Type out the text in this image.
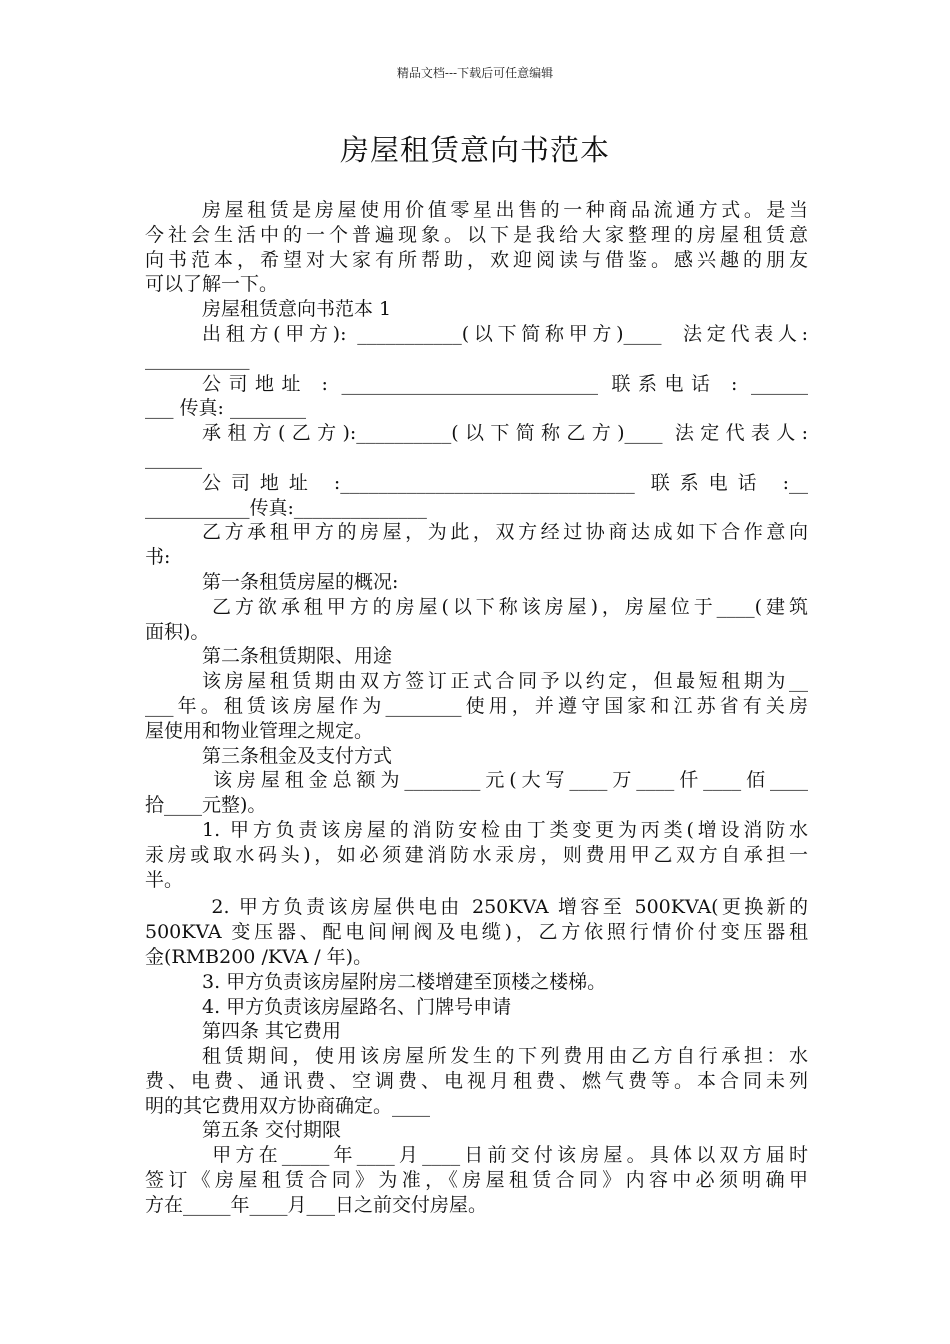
精品文档---下载后可任意编辑
房屋租赁意向书范本
房屋租赁是房屋使用价值零星出售的一种商品流通方式。是当
今社会生活中的一个普遍现象。以下是我给大家整理的房屋租赁意
向书范本，希望对大家有所帮助，欢迎阅读与借鉴。感兴趣的朋友
可以了解一下。
房屋租赁意向书范本 1
出租方(甲方): ___________(以下简称甲方)____  法定代表人:
___________
公司地址 : ___________________________ 联系电话 : ______
___ 传真: ________
承租方(乙方):__________(以下简称乙方)____ 法定代表人:
______
公司地址 :_______________________________ 联系电话 :__
___________传真:______________
乙方承租甲方的房屋，为此，双方经过协商达成如下合作意向
书:
第一条租赁房屋的概况:
乙方欲承租甲方的房屋(以下称该房屋)，房屋位于____(建筑
面积)。
第二条租赁期限、用途
该房屋租赁期由双方签订正式合同予以约定，但最短租期为__
___年。租赁该房屋作为________使用，并遵守国家和江苏省有关房
屋使用和物业管理之规定。
第三条租金及支付方式
该房屋租金总额为________元(大写____万____仟____佰____
拾____元整)。
1. 甲方负责该房屋的消防安检由丁类变更为丙类(增设消防水
汞房或取水码头)，如必须建消防水汞房，则费用甲乙双方自承担一
半。
2. 甲方负责该房屋供电由 250KVA 增容至 500KVA(更换新的
500KVA 变压器、配电间闸阀及电缆)，乙方依照行情价付变压器租
金(RMB200 /KVA / 年)。
3. 甲方负责该房屋附房二楼增建至顶楼之楼梯。
4. 甲方负责该房屋路名、门牌号申请
第四条 其它费用
租赁期间，使用该房屋所发生的下列费用由乙方自行承担：水
费、电费、通讯费、空调费、电视月租费、燃气费等。本合同未列
明的其它费用双方协商确定。____
第五条 交付期限
甲方在_____年____月____日前交付该房屋。具体以双方届时
签订《房屋租赁合同》为准，《房屋租赁合同》内容中必须明确甲
方在_____年____月___日之前交付房屋。
